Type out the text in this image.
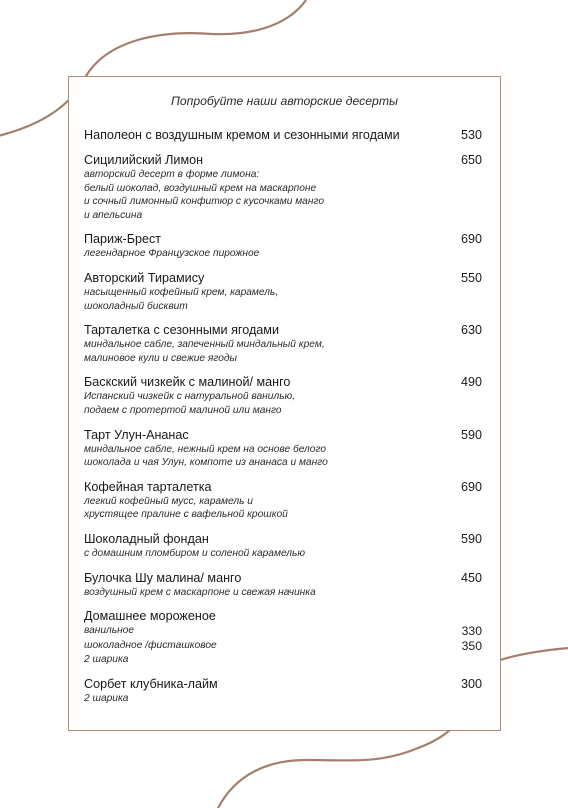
Попробуйте наши авторские десерты
Наполеон с воздушным кремом и сезонными ягодами	530
Сицилийский Лимон	650
авторский десерт в форме лимона:
белый шоколад, воздушный крем на маскарпоне
и сочный лимонный конфитюр с кусочками манго
и апельсина
Париж-Брест	690
легендарное Французское пирожное
Авторский Тирамису	550
насыщенный кофейный крем, карамель,
шоколадный бисквит
Тарталетка с сезонными ягодами	630
миндальное сабле, запеченный миндальный крем,
малиновое кули и свежие ягоды
Баскский чизкейк с малиной/ манго	490
Испанский чизкейк с натуральной ванилью,
подаем с протертой малиной или манго
Тарт Улун-Ананас	590
миндальное сабле, нежный крем на основе белого
шоколада и чая Улун, компоте из ананаса и манго
Кофейная тарталетка	690
легкий кофейный мусс, карамель и
хрустящее пралине с вафельной крошкой
Шоколадный фондан	590
с домашним пломбиром и соленой карамелью
Булочка Шу малина/ манго	450
воздушный крем с маскарпоне и свежая начинка
Домашнее мороженое
ванильное	330
шоколадное /фисташковое	350
2 шарика
Сорбет клубника-лайм	300
2 шарика
